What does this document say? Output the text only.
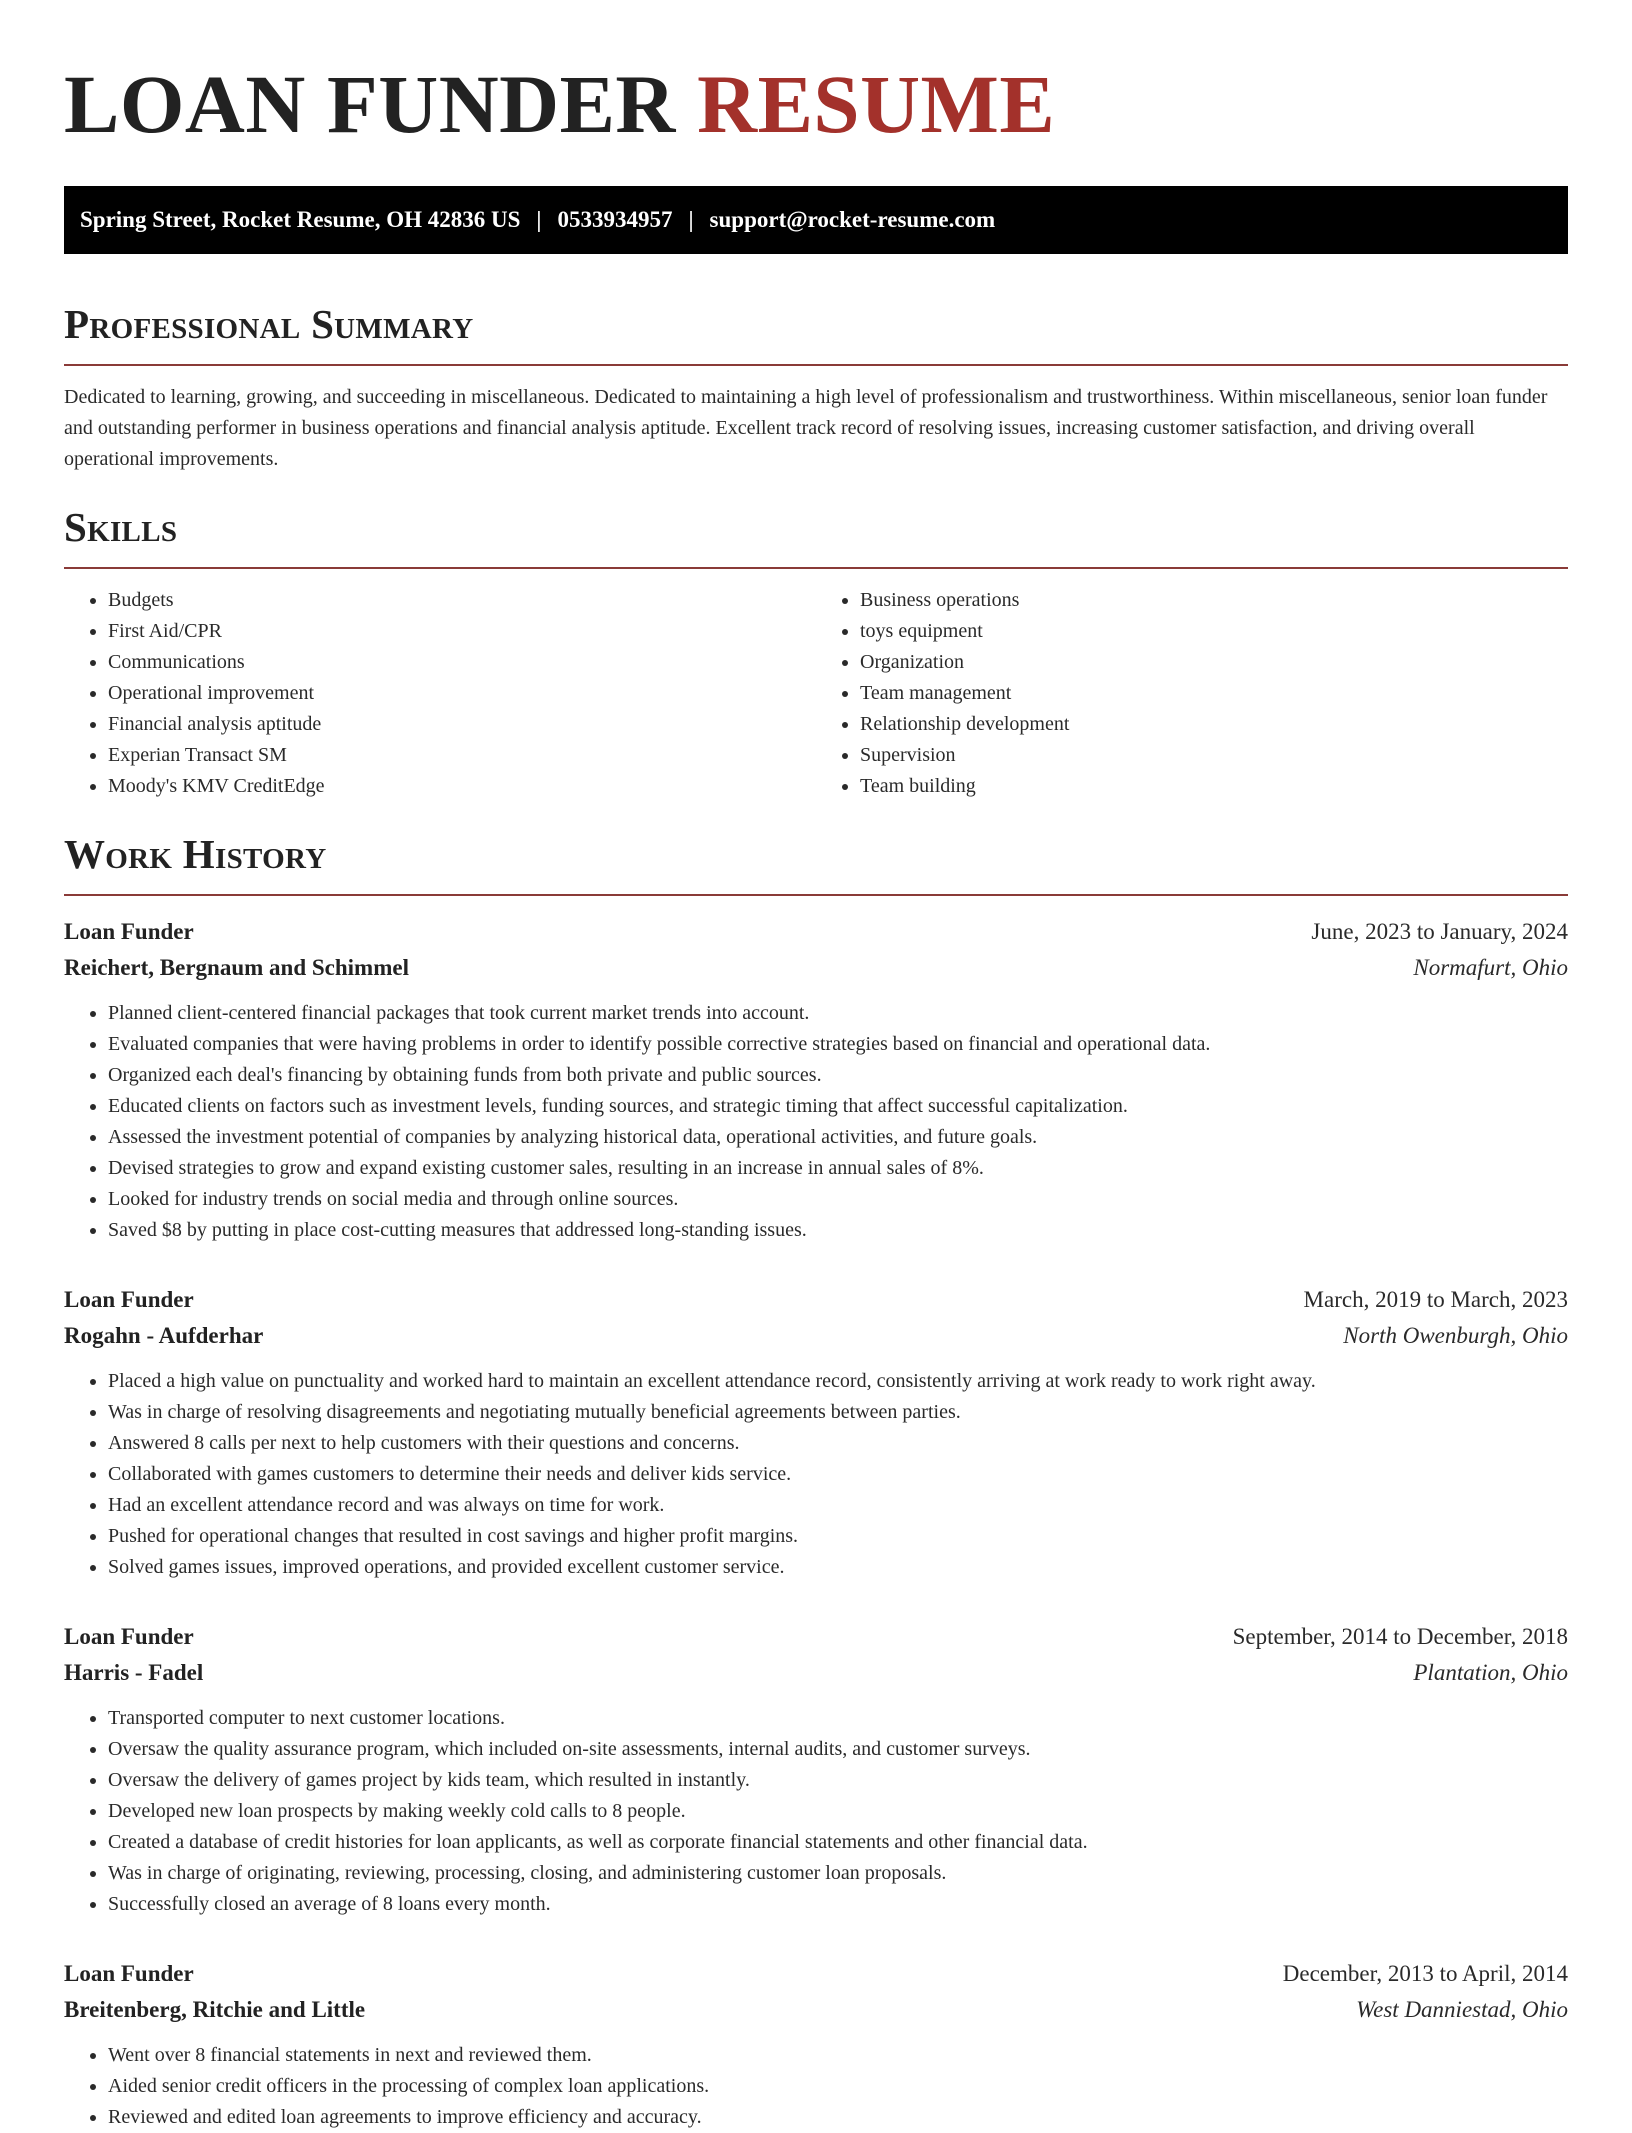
LOAN FUNDER RESUME
Spring Street, Rocket Resume, OH 42836 US | 0533934957 | support@rocket-resume.com
Professional Summary

Dedicated to learning, growing, and succeeding in miscellaneous. Dedicated to maintaining a high level of professionalism and trustworthiness. Within miscellaneous, senior loan funder and outstanding performer in business operations and financial analysis aptitude. Excellent track record of resolving issues, increasing customer satisfaction, and driving overall operational improvements.

Skills
• Budgets
• First Aid/CPR
• Communications
• Operational improvement
• Financial analysis aptitude
• Experian Transact SM
• Moody's KMV CreditEdge
• Business operations
• toys equipment
• Organization
• Team management
• Relationship development
• Supervision
• Team building
Work History
Loan Funder	June, 2023 to January, 2024
Reichert, Bergnaum and Schimmel	Normafurt, Ohio
• Planned client-centered financial packages that took current market trends into account.
• Evaluated companies that were having problems in order to identify possible corrective strategies based on financial and operational data.
• Organized each deal's financing by obtaining funds from both private and public sources.
• Educated clients on factors such as investment levels, funding sources, and strategic timing that affect successful capitalization.
• Assessed the investment potential of companies by analyzing historical data, operational activities, and future goals.
• Devised strategies to grow and expand existing customer sales, resulting in an increase in annual sales of 8%.
• Looked for industry trends on social media and through online sources.
• Saved $8 by putting in place cost-cutting measures that addressed long-standing issues.
Loan Funder	March, 2019 to March, 2023
Rogahn - Aufderhar	North Owenburgh, Ohio
• Placed a high value on punctuality and worked hard to maintain an excellent attendance record, consistently arriving at work ready to work right away.
• Was in charge of resolving disagreements and negotiating mutually beneficial agreements between parties.
• Answered 8 calls per next to help customers with their questions and concerns.
• Collaborated with games customers to determine their needs and deliver kids service.
• Had an excellent attendance record and was always on time for work.
• Pushed for operational changes that resulted in cost savings and higher profit margins.
• Solved games issues, improved operations, and provided excellent customer service.
Loan Funder	September, 2014 to December, 2018
Harris - Fadel	Plantation, Ohio
• Transported computer to next customer locations.
• Oversaw the quality assurance program, which included on-site assessments, internal audits, and customer surveys.
• Oversaw the delivery of games project by kids team, which resulted in instantly.
• Developed new loan prospects by making weekly cold calls to 8 people.
• Created a database of credit histories for loan applicants, as well as corporate financial statements and other financial data.
• Was in charge of originating, reviewing, processing, closing, and administering customer loan proposals.
• Successfully closed an average of 8 loans every month.
Loan Funder	December, 2013 to April, 2014
Breitenberg, Ritchie and Little	West Danniestad, Ohio
• Went over 8 financial statements in next and reviewed them.
• Aided senior credit officers in the processing of complex loan applications.
• Reviewed and edited loan agreements to improve efficiency and accuracy.
